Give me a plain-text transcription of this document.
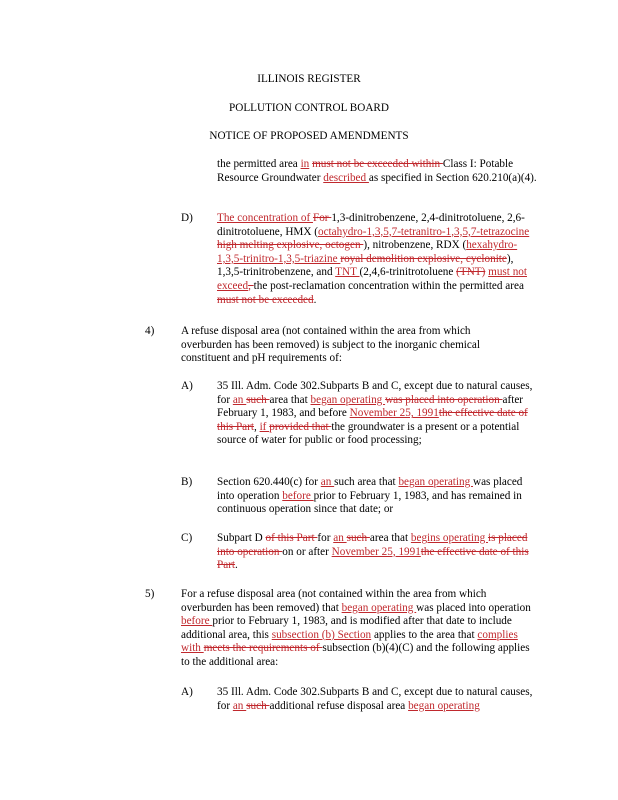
ILLINOIS REGISTER
POLLUTION CONTROL BOARD
NOTICE OF PROPOSED AMENDMENTS
the permitted area in must not be exceeded within Class I: Potable Resource Groundwater described as specified in Section 620.210(a)(4).
D) The concentration of For 1,3-dinitrobenzene, 2,4-dinitrotoluene, 2,6-dinitrotoluene, HMX (octahydro-1,3,5,7-tetranitro-1,3,5,7-tetrazocine high melting explosive, octogen ), nitrobenzene, RDX (hexahydro-1,3,5-trinitro-1,3,5-triazine royal demolition explosive, cyclonite), 1,3,5-trinitrobenzene, and TNT (2,4,6-trinitrotoluene (TNT) must not exceed, the post-reclamation concentration within the permitted area must not be exceeded.
4) A refuse disposal area (not contained within the area from which overburden has been removed) is subject to the inorganic chemical constituent and pH requirements of:
A) 35 Ill. Adm. Code 302.Subparts B and C, except due to natural causes, for an such area that began operating was placed into operation after February 1, 1983, and before November 25, 1991the effective date of this Part, if provided that the groundwater is a present or a potential source of water for public or food processing;
B) Section 620.440(c) for an such area that began operating was placed into operation before prior to February 1, 1983, and has remained in continuous operation since that date; or
C) Subpart D of this Part for an such area that begins operating is placed into operation on or after November 25, 1991the effective date of this Part.
5) For a refuse disposal area (not contained within the area from which overburden has been removed) that began operating was placed into operation before prior to February 1, 1983, and is modified after that date to include additional area, this subsection (b) Section applies to the area that complies with meets the requirements of subsection (b)(4)(C) and the following applies to the additional area:
A) 35 Ill. Adm. Code 302.Subparts B and C, except due to natural causes, for an such additional refuse disposal area began operating
